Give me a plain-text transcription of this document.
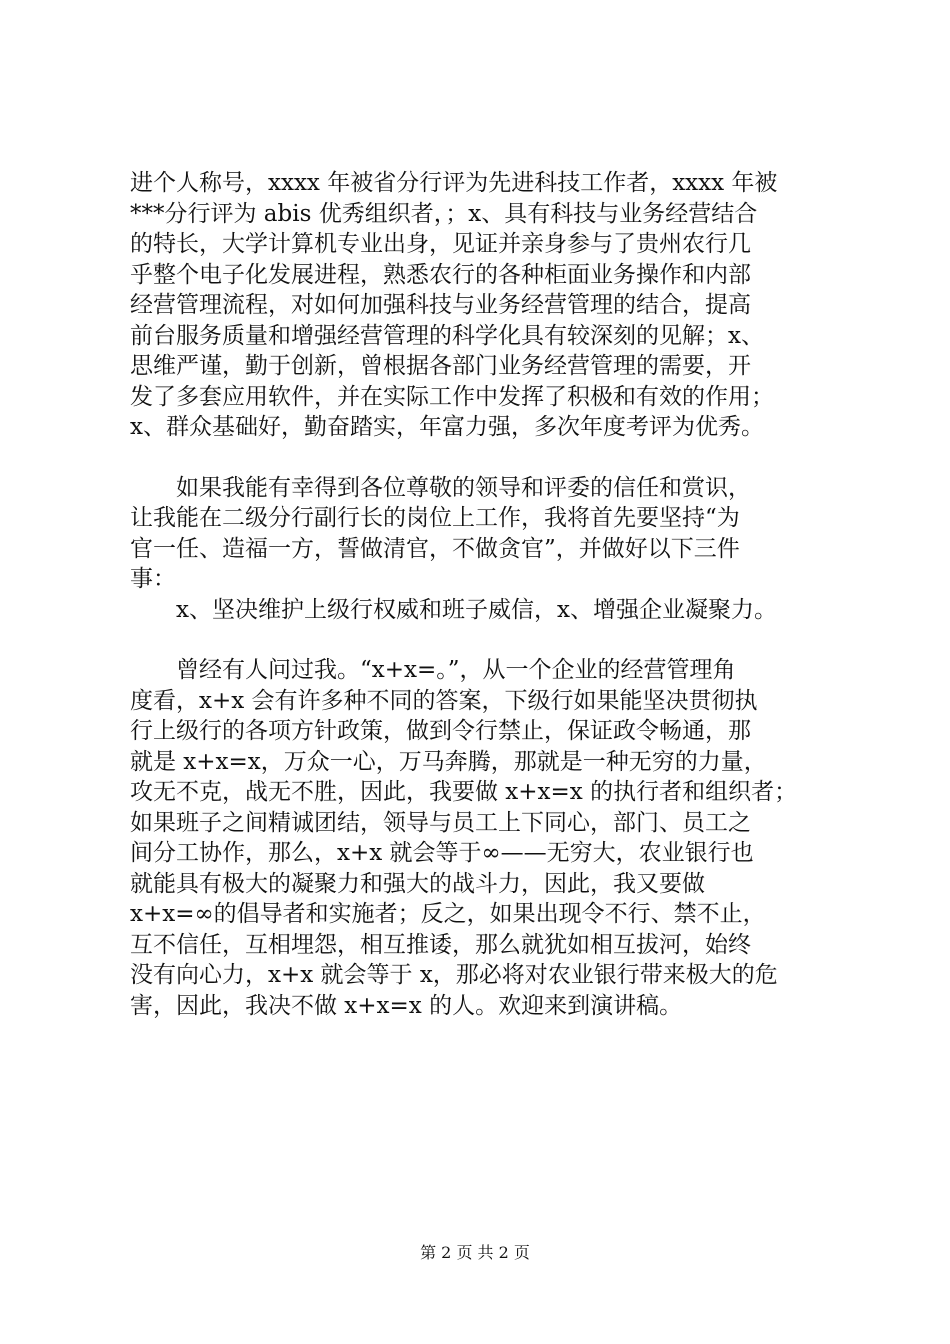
进个人称号，xxxx 年被省分行评为先进科技工作者，xxxx 年被
***分行评为 abis 优秀组织者，；x、具有科技与业务经营结合
的特长，大学计算机专业出身，见证并亲身参与了贵州农行几
乎整个电子化发展进程，熟悉农行的各种柜面业务操作和内部
经营管理流程，对如何加强科技与业务经营管理的结合，提高
前台服务质量和增强经营管理的科学化具有较深刻的见解；x、
思维严谨，勤于创新，曾根据各部门业务经营管理的需要，开
发了多套应用软件，并在实际工作中发挥了积极和有效的作用；
x、群众基础好，勤奋踏实，年富力强，多次年度考评为优秀。
　　如果我能有幸得到各位尊敬的领导和评委的信任和赏识，
让我能在二级分行副行长的岗位上工作，我将首先要坚持“为
官一任、造福一方，誓做清官，不做贪官”，并做好以下三件
事：
　　x、坚决维护上级行权威和班子威信，x、增强企业凝聚力。
　　曾经有人问过我。“x+x=。”，从一个企业的经营管理角
度看，x+x 会有许多种不同的答案，下级行如果能坚决贯彻执
行上级行的各项方针政策，做到令行禁止，保证政令畅通，那
就是 x+x=x，万众一心，万马奔腾，那就是一种无穷的力量，
攻无不克，战无不胜，因此，我要做 x+x=x 的执行者和组织者；
如果班子之间精诚团结，领导与员工上下同心，部门、员工之
间分工协作，那么，x+x 就会等于∞——无穷大，农业银行也
就能具有极大的凝聚力和强大的战斗力，因此，我又要做
x+x=∞的倡导者和实施者；反之，如果出现令不行、禁不止，
互不信任，互相埋怨，相互推诿，那么就犹如相互拔河，始终
没有向心力，x+x 就会等于 x，那必将对农业银行带来极大的危
害，因此，我决不做 x+x=x 的人。欢迎来到演讲稿。
第 2 页 共 2 页
